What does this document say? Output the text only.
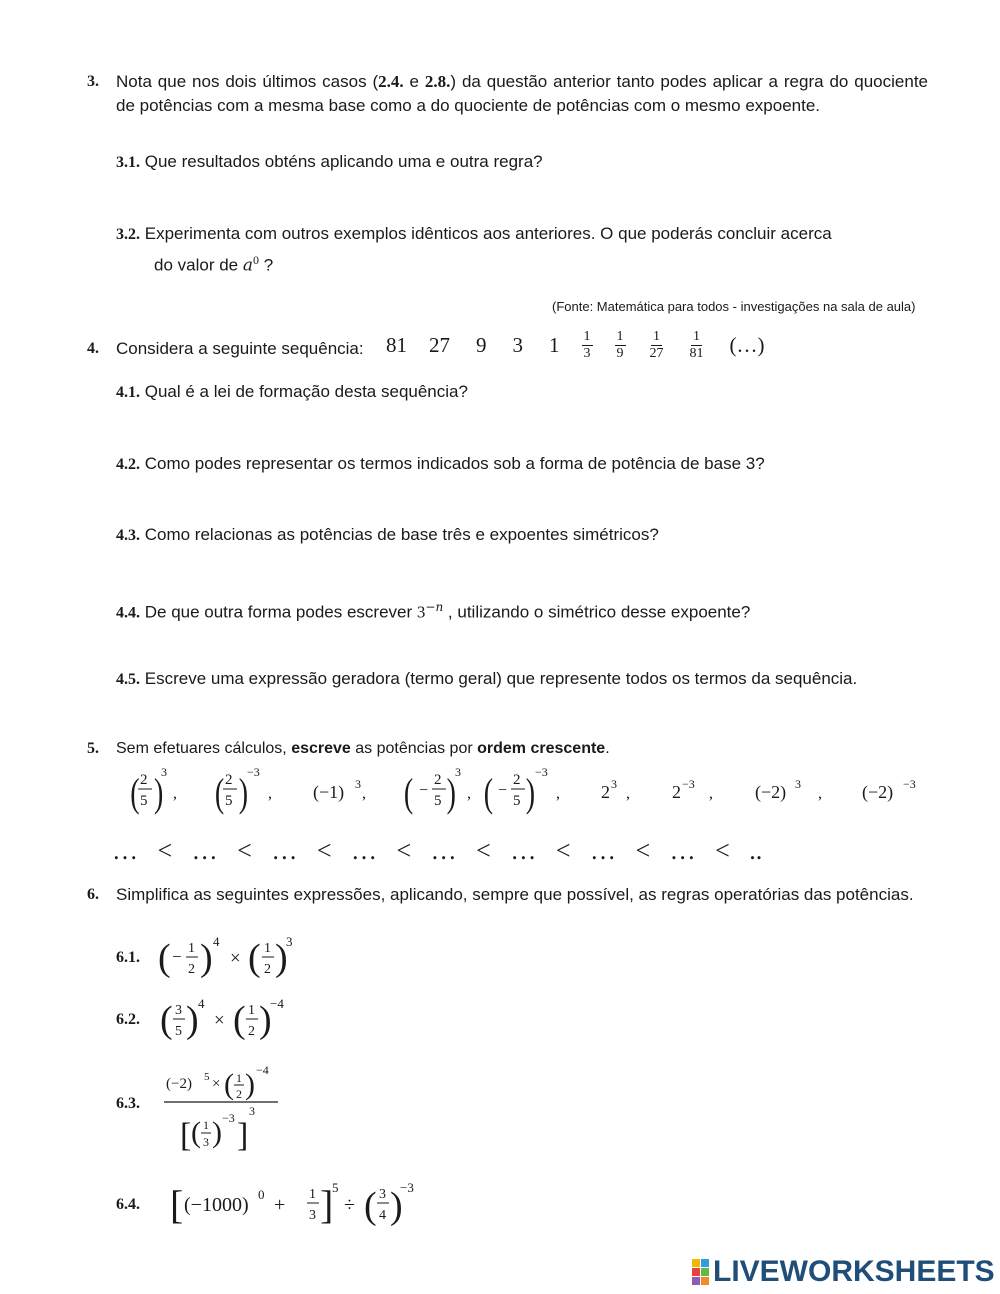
3. Nota que nos dois últimos casos (2.4. e 2.8.) da questão anterior tanto podes aplicar a regra do quociente de potências com a mesma base como a do quociente de potências com o mesmo expoente.
3.1. Que resultados obténs aplicando uma e outra regra?
3.2. Experimenta com outros exemplos idênticos aos anteriores. O que poderás concluir acerca
do valor de $a^0$ ?
(Fonte: Matemática para todos - investigações na sala de aula)
4. Considera a seguinte sequência: 81 27 9 3 $1 \frac{1}{3} \frac{1}{9} \frac{1}{27} \frac{1}{81}$ (…)
4.1. Qual é a lei de formação desta sequência?
4.2. Como podes representar os termos indicados sob a forma de potência de base 3?
4.3. Como relacionas as potências de base três e expoentes simétricos?
4.4. De que outra forma podes escrever $3^{-n}$ , utilizando o simétrico desse expoente?
4.5. Escreve uma expressão geradora (termo geral) que represente todos os termos da sequência.
5. Sem efetuares cálculos, escreve as potências por ordem crescente.
( 2
5 )
3
, ( 2
5 )
−3
, (−1) 3
, ( −
2
5 ) 3
, ( −
2
5 ) −3
, 2 3
, 2 −3
, (−2) 3
, (−2) −3
…   <   …   <   …   <   …   <   …   <   …   <   …   <   …   <   ..
6. Simplifica as seguintes expressões, aplicando, sempre que possível, as regras operatórias das potências.
6.1. ( − 1
2 ) 4
× ( 1
2 )
3
6.2. ( 3
5 ) 4
× ( 1
2 )
−4
6.3.
(−2) 5 × ( 1
2 ) −4
[ ( 1
3 ) −3 ]
3
6.4. [ (−1000) 0 + 1
3 ]
5
÷ ( 3
4 )
−3
LIVEWORKSHEETS
